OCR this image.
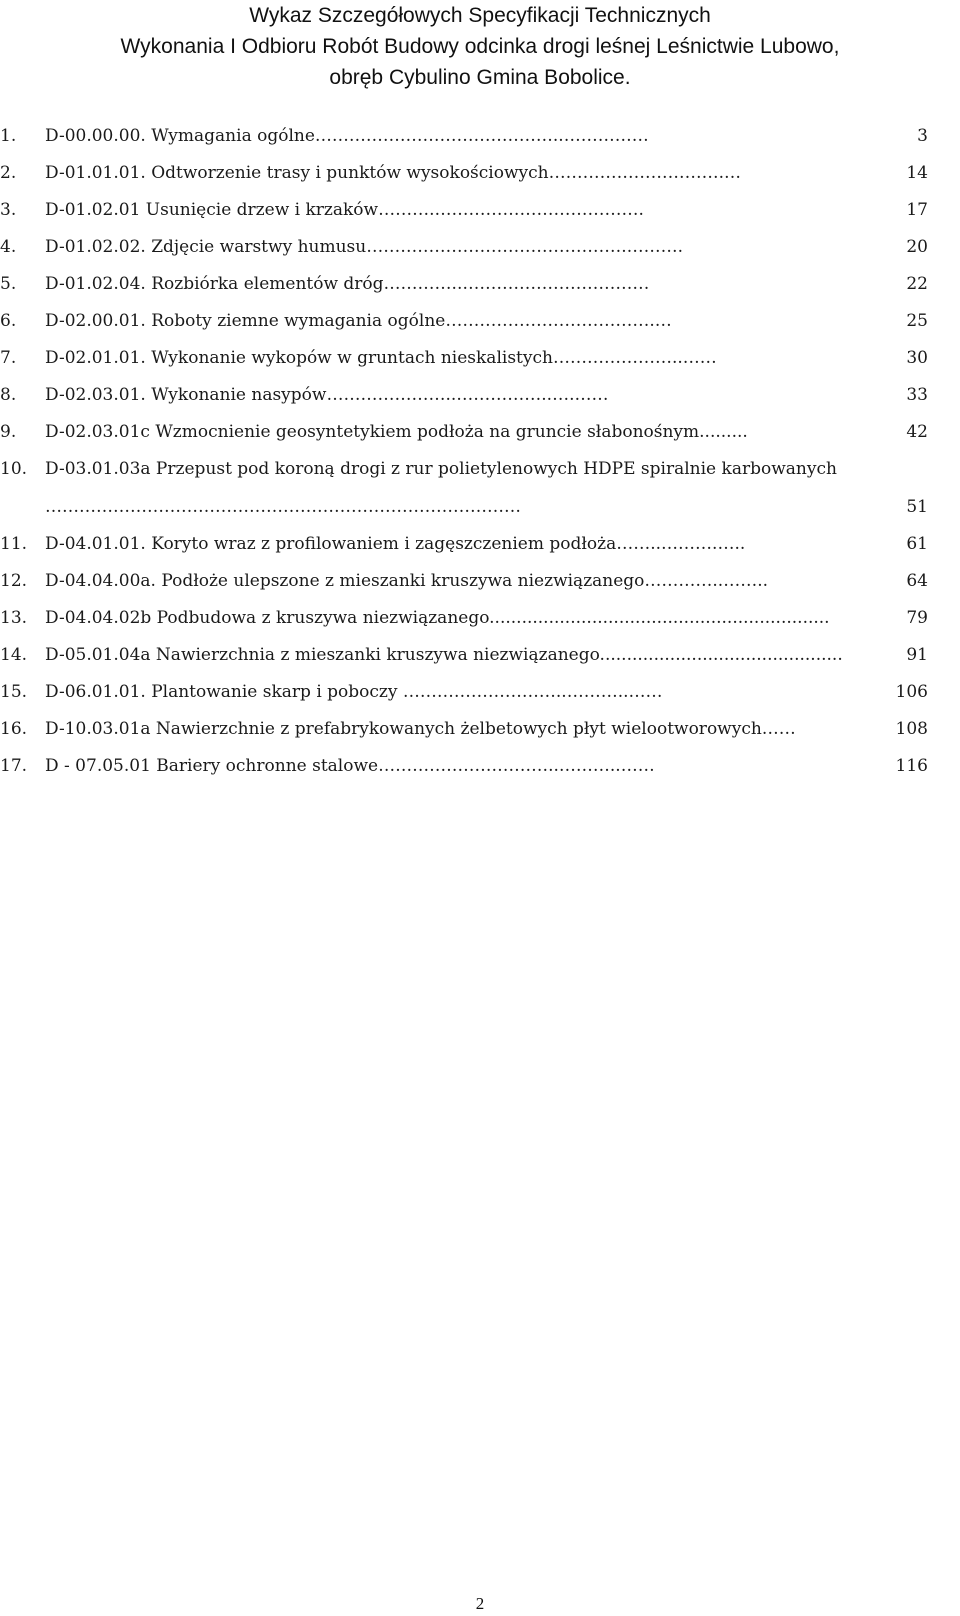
Wykaz Szczegółowych Specyfikacji Technicznych
Wykonania I Odbioru Robót Budowy odcinka drogi leśnej Leśnictwie Lubowo,
obręb Cybulino Gmina Bobolice.
1. D-00.00.00. Wymagania ogólne……………………………………..……………	3
2. D-01.01.01. Odtworzenie trasy i punktów wysokościowych………………………….…	14
3. D-01.02.01 Usunięcie drzew i krzaków……….……………………………….	17
4. D-01.02.02. Zdjęcie warstwy humusu……………………………………….……….	20
5. D-01.02.04. Rozbiórka elementów dróg…………..……………………………	22
6. D-02.00.01. Roboty ziemne wymagania ogólne……………………………….…	25
7. D-02.01.01. Wykonanie wykopów w gruntach nieskalistych…………………..……	30
8. D-02.03.01. Wykonanie nasypów…………………..……………..….……	33
9. D-02.03.01c Wzmocnienie geosyntetykiem podłoża na gruncie słabonośnym.........	42
10. D-03.01.03a Przepust pod koroną drogi z rur polietylenowych HDPE spiralnie karbowanych
…………………………………………………………………………	51
11. D-04.01.01. Koryto wraz z profilowaniem i zagęszczeniem podłoża……..……….…..	61
12. D-04.04.00a. Podłoże ulepszone z mieszanki kruszywa niezwiązanego…………..……..	64
13. D-04.04.02b Podbudowa z kruszywa niezwiązanego...............................................................	79
14. D-05.01.04a Nawierzchnia z mieszanki kruszywa niezwiązanego.............................................	91
15. D-06.01.01. Plantowanie skarp i poboczy ………………………..………..……	106
16. D-10.03.01a Nawierzchnie z prefabrykowanych żelbetowych płyt wielootworowych……	108
17. D - 07.05.01 Bariery ochronne stalowe…………………………..………..……	116
2
